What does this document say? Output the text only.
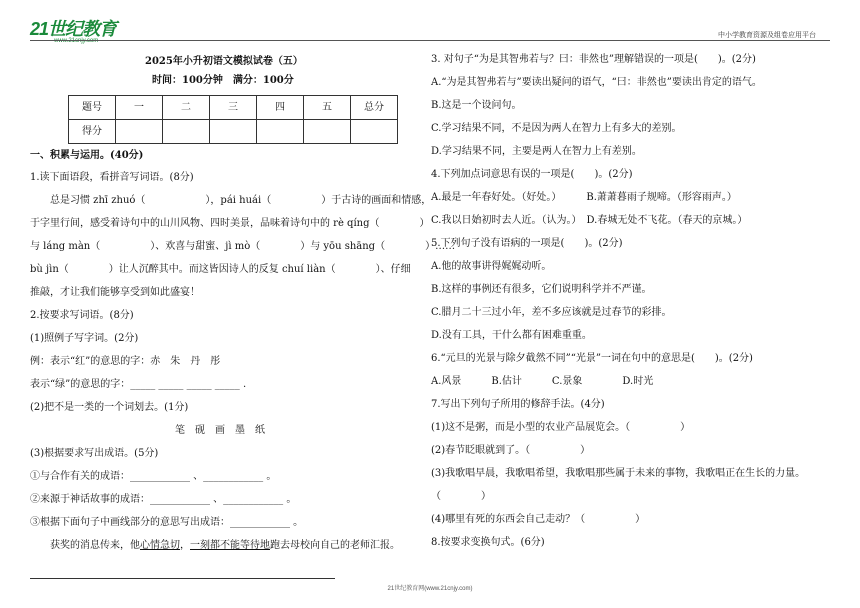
21世纪教育
www.21cnjy.com
中小学教育资源及组卷应用平台
2025年小升初语文模拟试卷（五）
时间：100分钟　满分：100分
题号	一	二	三	四	五	总分
得分						
一、积累与运用。(40分)
1.读下面语段，看拼音写词语。(8分)
　　总是习惯 zhī zhuó（　　　　　　），pái huái（　　　　　）于古诗的画面和情感，
于字里行间，感受着诗句中的山川风物、四时美景，品味着诗句中的 rè qíng（　　　　）
与 láng màn（　　　　　）、欢喜与甜蜜、jì mò（　　　　）与 yōu shāng（　　　　）……
bù jìn（　　　　）让人沉醉其中。而这皆因诗人的反复 chuí liàn（　　　　）、仔细
推敲，才让我们能够享受到如此盛宴！
2.按要求写词语。(8分)
(1)照例子写字词。(2分)
例：表示“红”的意思的字：赤　朱　丹　彤
表示“绿”的意思的字：_____ _____ _____ _____ .
(2)把不是一类的一个词划去。(1分)
笔　砚　画　墨　纸
(3)根据要求写出成语。(5分)
①与合作有关的成语：____________ 、____________ 。
②来源于神话故事的成语：____________ 、____________ 。
③根据下面句子中画线部分的意思写出成语：____________ 。
　　获奖的消息传来，他心情急切，一刻都不能等待地跑去母校向自己的老师汇报。
3. 对句子“为是其智弗若与？曰：非然也”理解错误的一项是(　　)。(2分)
A.“为是其智弗若与”要读出疑问的语气，“曰：非然也”要读出肯定的语气。
B.这是一个设问句。
C.学习结果不同，不是因为两人在智力上有多大的差别。
D.学习结果不同，主要是两人在智力上有差别。
4.下列加点词意思有误的一项是(　　)。(2分)
A.最是一年春好处。（好处。）　　　B.萧萧暮雨子规啼。（形容雨声。）
C.我以日始初时去人近。（认为。）　D.春城无处不飞花。（春天的京城。）
5.下列句子没有语病的一项是(　　)。(2分)
A.他的故事讲得娓娓动听。
B.这样的事例还有很多，它们说明科学并不严谨。
C.腊月二十三过小年，差不多应该就是过春节的彩排。
D.没有工具，干什么都有困难重重。
6.“元旦的光景与除夕截然不同”“光景”一词在句中的意思是(　　)。(2分)
A.风景　　　B.估计　　　C.景象　　　　D.时光
7.写出下列句子所用的修辞手法。(4分)
(1)这不是粥，而是小型的农业产品展览会。（　　　　　）
(2)春节眨眼就到了。（　　　　　）
(3)我歌唱早晨，我歌唱希望，我歌唱那些属于未来的事物，我歌唱正在生长的力量。
（　　　　）
(4)哪里有死的东西会自己走动？（　　　　　）
8.按要求变换句式。(6分)
21世纪教育网(www.21cnjy.com)
